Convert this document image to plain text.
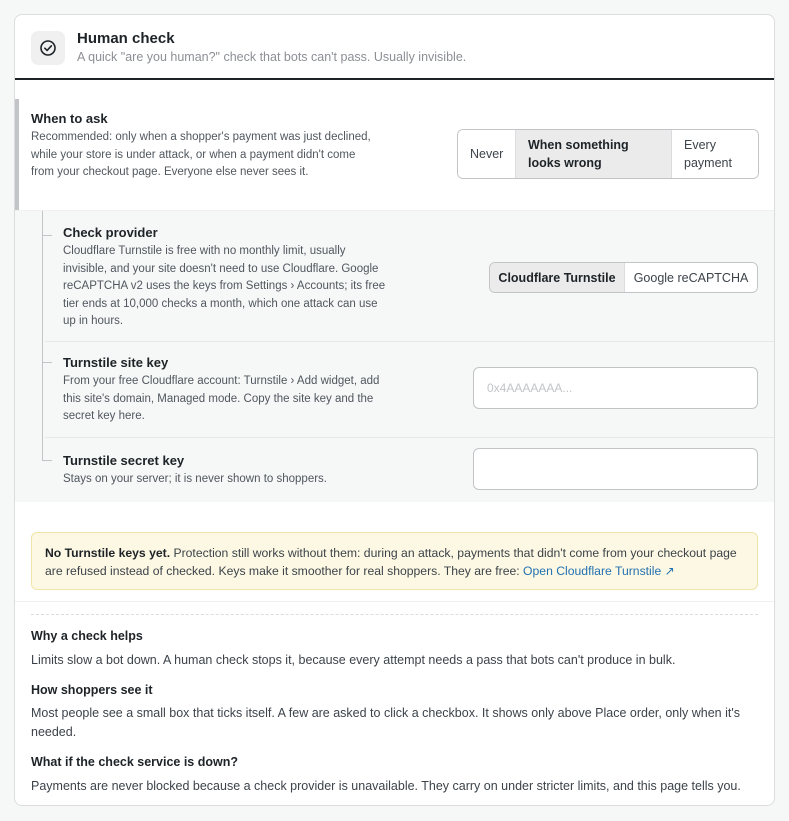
Human check
A quick "are you human?" check that bots can't pass. Usually invisible.
When to ask
Recommended: only when a shopper's payment was just declined, while your store is under attack, or when a payment didn't come from your checkout page. Everyone else never sees it.
Never
When something looks wrong
Every payment
Check provider
Cloudflare Turnstile is free with no monthly limit, usually invisible, and your site doesn't need to use Cloudflare. Google reCAPTCHA v2 uses the keys from Settings › Accounts; its free tier ends at 10,000 checks a month, which one attack can use up in hours.
Cloudflare Turnstile	Google reCAPTCHA
Turnstile site key
From your free Cloudflare account: Turnstile › Add widget, add this site's domain, Managed mode. Copy the site key and the secret key here.
0x4AAAAAAA...
Turnstile secret key
Stays on your server; it is never shown to shoppers.
No Turnstile keys yet. Protection still works without them: during an attack, payments that didn't come from your checkout page are refused instead of checked. Keys make it smoother for real shoppers. They are free: Open Cloudflare Turnstile ↗
Why a check helps
Limits slow a bot down. A human check stops it, because every attempt needs a pass that bots can't produce in bulk.
How shoppers see it
Most people see a small box that ticks itself. A few are asked to click a checkbox. It shows only above Place order, only when it's needed.
What if the check service is down?
Payments are never blocked because a check provider is unavailable. They carry on under stricter limits, and this page tells you.
